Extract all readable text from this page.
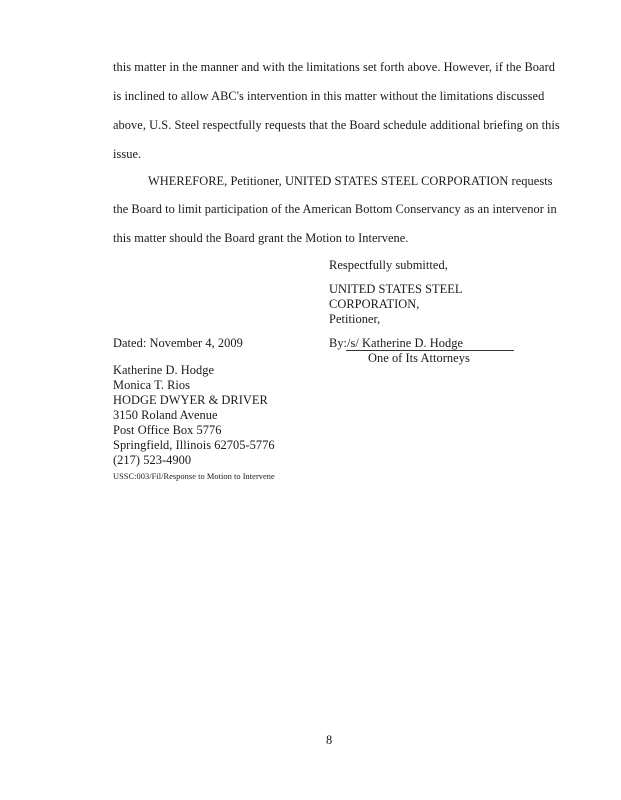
this matter in the manner and with the limitations set forth above. However, if the Board
is inclined to allow ABC's intervention in this matter without the limitations discussed
above, U.S. Steel respectfully requests that the Board schedule additional briefing on this
issue.
WHEREFORE, Petitioner, UNITED STATES STEEL CORPORATION requests
the Board to limit participation of the American Bottom Conservancy as an intervenor in
this matter should the Board grant the Motion to Intervene.
Respectfully submitted,
UNITED STATES STEEL
CORPORATION,
Petitioner,
Dated: November 4, 2009	By:/s/ Katherine D. Hodge
One of Its Attorneys
Katherine D. Hodge
Monica T. Rios
HODGE DWYER & DRIVER
3150 Roland Avenue
Post Office Box 5776
Springfield, Illinois 62705-5776
(217) 523-4900
USSC:003/Fil/Response to Motion to Intervene
8
